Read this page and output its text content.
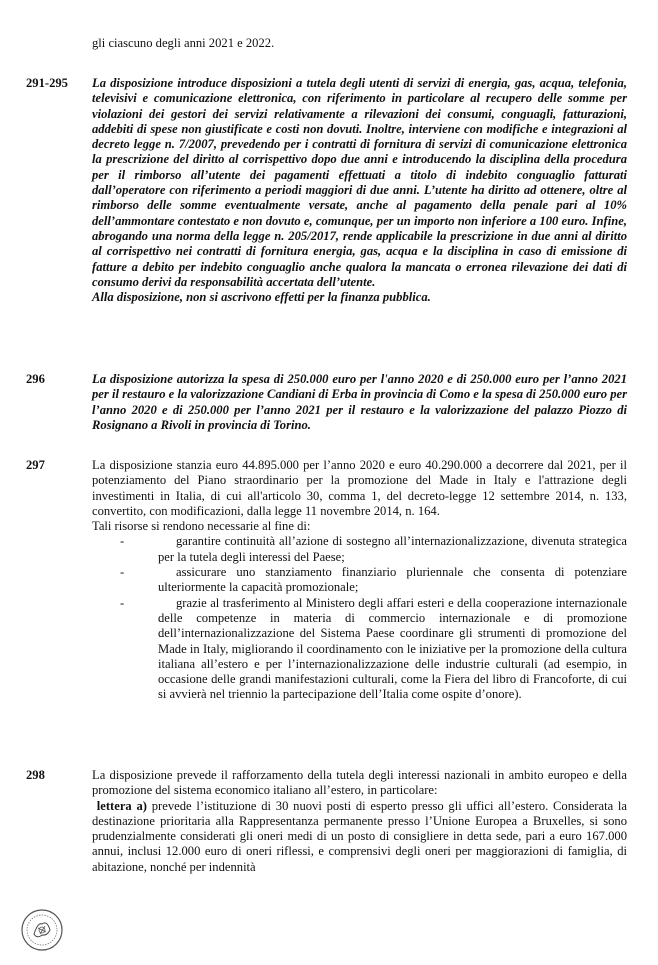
gli ciascuno degli anni 2021 e 2022.
291-295	La disposizione introduce disposizioni a tutela degli utenti di servizi di energia, gas, acqua, telefonia, televisivi e comunicazione elettronica, con riferimento in particolare al recupero delle somme per violazioni dei gestori dei servizi relativamente a rilevazioni dei consumi, conguagli, fatturazioni, addebiti di spese non giustificate e costi non dovuti. Inoltre, interviene con modifiche e integrazioni al decreto legge n. 7/2007, prevedendo per i contratti di fornitura di servizi di comunicazione elettronica la prescrizione del diritto al corrispettivo dopo due anni e introducendo la disciplina della procedura per il rimborso all’utente dei pagamenti effettuati a titolo di indebito conguaglio fatturati dall’operatore con riferimento a periodi maggiori di due anni. L’utente ha diritto ad ottenere, oltre al rimborso delle somme eventualmente versate, anche al pagamento della penale pari al 10% dell’ammontare contestato e non dovuto e, comunque, per un importo non inferiore a 100 euro. Infine, abrogando una norma della legge n. 205/2017, rende applicabile la prescrizione in due anni al diritto al corrispettivo nei contratti di fornitura energia, gas, acqua e la disciplina in caso di emissione di fatture a debito per indebito conguaglio anche qualora la mancata o erronea rilevazione dei dati di consumo derivi da responsabilità accertata dell’utente.

Alla disposizione, non si ascrivono effetti per la finanza pubblica.

296	La disposizione autorizza la spesa di 250.000 euro per l'anno 2020 e di 250.000 euro per l’anno 2021 per il restauro e la valorizzazione Candiani di Erba in provincia di Como e la spesa di 250.000 euro per l’anno 2020 e di 250.000 per l’anno 2021 per il restauro e la valorizzazione del palazzo Piozzo di Rosignano a Rivoli in provincia di Torino.

297	La disposizione stanzia euro 44.895.000 per l’anno 2020 e euro 40.290.000 a decorrere dal 2021, per il potenziamento del Piano straordinario per la promozione del Made in Italy e l'attrazione degli investimenti in Italia, di cui all'articolo 30, comma 1, del decreto-legge 12 settembre 2014, n. 133, convertito, con modificazioni, dalla legge 11 novembre 2014, n. 164.

Tali risorse si rendono necessarie al fine di:

-	garantire continuità all’azione di sostegno all’internazionalizzazione, divenuta strategica per la tutela degli interessi del Paese;
-	assicurare uno stanziamento finanziario pluriennale che consenta di potenziare ulteriormente la capacità promozionale;
-	grazie al trasferimento al Ministero degli affari esteri e della cooperazione internazionale delle competenze in materia di commercio internazionale e di promozione dell’internazionalizzazione del Sistema Paese coordinare gli strumenti di promozione del Made in Italy, migliorando il coordinamento con le iniziative per la promozione della cultura italiana all’estero e per l’internazionalizzazione delle industrie culturali (ad esempio, in occasione delle grandi manifestazioni culturali, come la Fiera del libro di Francoforte, di cui si avvierà nel triennio la partecipazione dell’Italia come ospite d’onore).
298	La disposizione prevede il rafforzamento della tutela degli interessi nazionali in ambito europeo e della promozione del sistema economico italiano all’estero, in particolare:

lettera a) prevede l’istituzione di 30 nuovi posti di esperto presso gli uffici all’estero. Considerata la destinazione prioritaria alla Rappresentanza permanente presso l’Unione Europea a Bruxelles, si sono prudenzialmente considerati gli oneri medi di un posto di consigliere in detta sede, pari a euro 167.000 annui, inclusi 12.000 euro di oneri riflessi, e comprensivi degli oneri per maggiorazioni di famiglia, di abitazione, nonché per indennità
